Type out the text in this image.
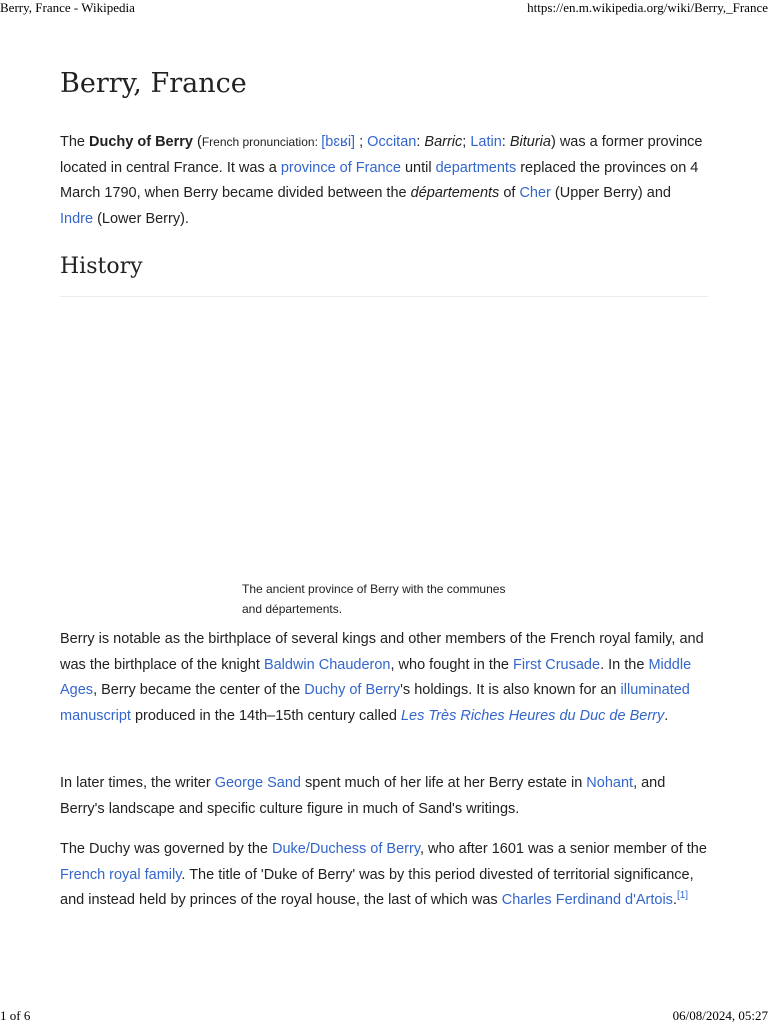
Berry, France - Wikipedia	https://en.m.wikipedia.org/wiki/Berry,_France
Berry, France

The Duchy of Berry (French pronunciation: [bɛʁi] ; Occitan: Barric; Latin: Bituria) was a former province located in central France. It was a province of France until departments replaced the provinces on 4 March 1790, when Berry became divided between the départements of Cher (Upper Berry) and Indre (Lower Berry).

History

The ancient province of Berry with the communes and départements.

Berry is notable as the birthplace of several kings and other members of the French royal family, and was the birthplace of the knight Baldwin Chauderon, who fought in the First Crusade. In the Middle Ages, Berry became the center of the Duchy of Berry's holdings. It is also known for an illuminated manuscript produced in the 14th–15th century called Les Très Riches Heures du Duc de Berry.

In later times, the writer George Sand spent much of her life at her Berry estate in Nohant, and Berry's landscape and specific culture figure in much of Sand's writings.

The Duchy was governed by the Duke/Duchess of Berry, who after 1601 was a senior member of the French royal family. The title of 'Duke of Berry' was by this period divested of territorial significance, and instead held by princes of the royal house, the last of which was Charles Ferdinand d'Artois.[1]

1 of 6	06/08/2024, 05:27
